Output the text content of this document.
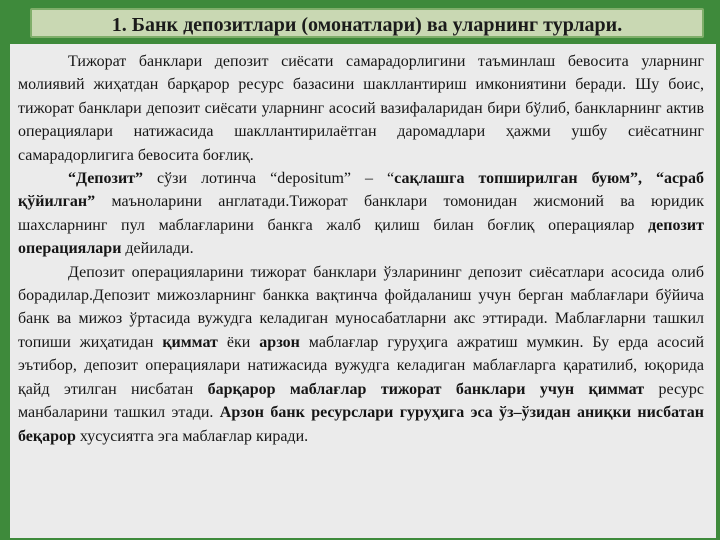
1. Банк депозитлари (омонатлари) ва уларнинг турлари.

Тижорат банклари депозит сиёсати самарадорлигини таъминлаш бевосита уларнинг молиявий жиҳатдан барқарор ресурс базасини шакллантириш имкониятини беради. Шу боис, тижорат банклари депозит сиёсати уларнинг асосий вазифаларидан бири бўлиб, банкларнинг актив операциялари натижасида шакллантирилаётган даромадлари ҳажми ушбу сиёсатнинг самарадорлигига бевосита боғлиқ.

“Депозит” сўзи лотинча “depositum” – “сақлашга топширилган буюм”, “асраб қўйилган” маъноларини англатади.Тижорат банклари томонидан жисмоний ва юридик шахсларнинг пул маблағларини банкга жалб қилиш билан боғлиқ операциялар депозит операциялари дейилади.

Депозит операцияларини тижорат банклари ўзларининг депозит сиёсатлари асосида олиб борадилар.Депозит мижозларнинг банкка вақтинча фойдаланиш учун берган маблағлари бўйича банк ва мижоз ўртасида вужудга келадиган муносабатларни акс эттиради. Маблағларни ташкил топиши жиҳатидан қиммат ёки арзон маблағлар гуруҳига ажратиш мумкин. Бу ерда асосий эътибор, депозит операциялари натижасида вужудга келадиган маблағларга қаратилиб, юқорида қайд этилган нисбатан барқарор маблағлар тижорат банклари учун қиммат ресурс манбаларини ташкил этади. Арзон банк ресурслари гуруҳига эса ўз–ўзидан аниқки нисбатан беқарор хусусиятга эга маблағлар киради.
